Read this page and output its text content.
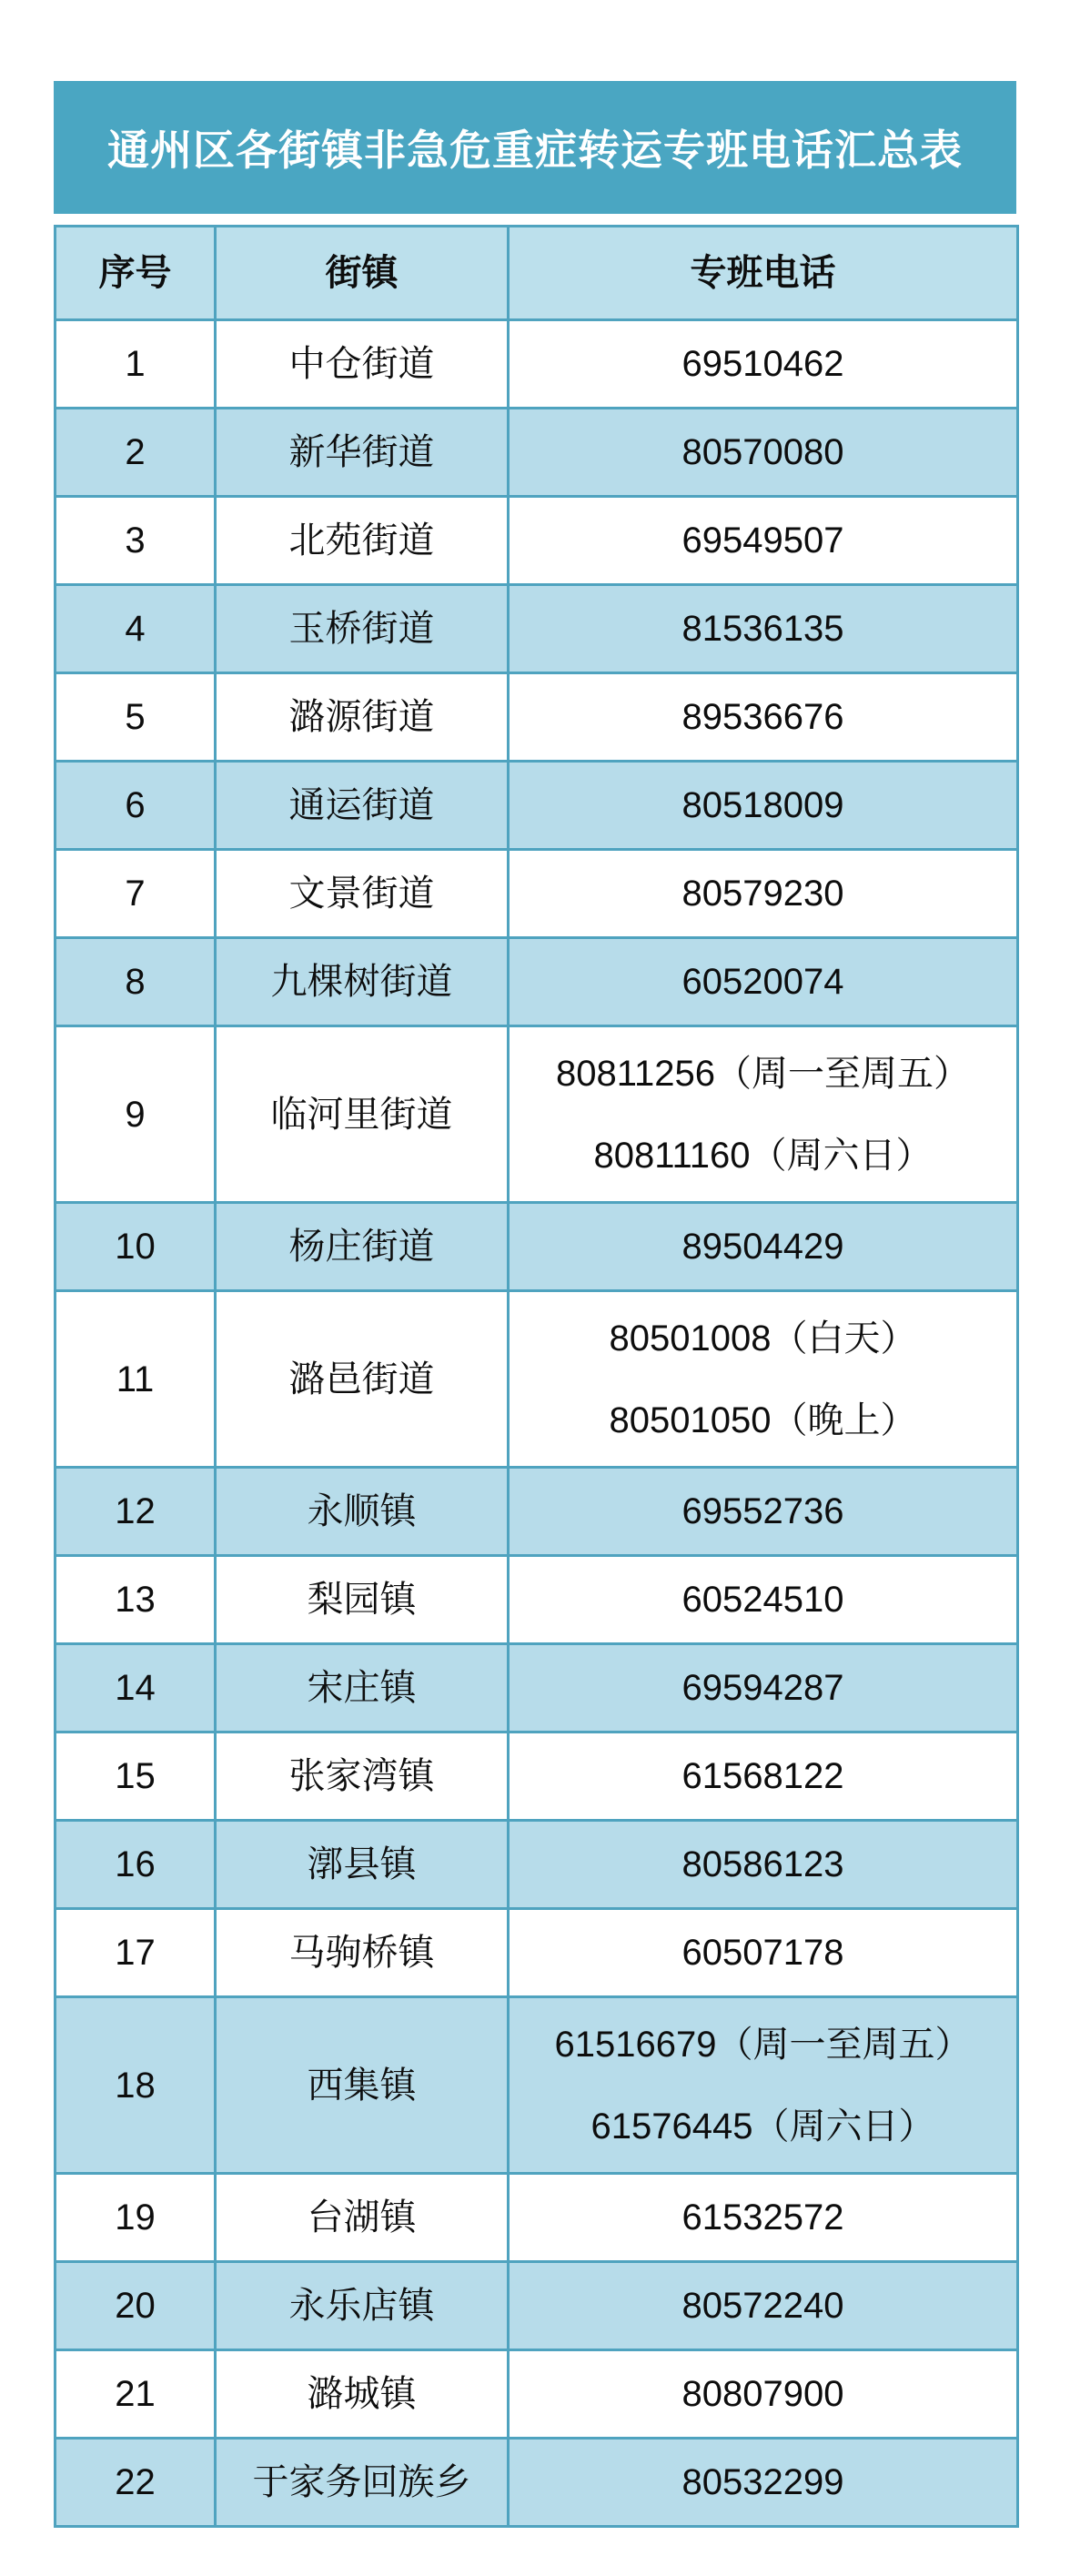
通州区各街镇非急危重症转运专班电话汇总表
序号	街镇	专班电话
1	中仓街道	69510462

2	新华街道	80570080

3	北苑街道	69549507

4	玉桥街道	81536135

5	潞源街道	89536676

6	通运街道	80518009

7	文景街道	80579230

8	九棵树街道	60520074

9	临河里街道	80811256（周一至周五）
80811160（周六日）

10	杨庄街道	89504429

11	潞邑街道	80501008（白天）
80501050（晚上）

12	永顺镇	69552736

13	梨园镇	60524510

14	宋庄镇	69594287

15	张家湾镇	61568122

16	漷县镇	80586123

17	马驹桥镇	60507178

18	西集镇	61516679（周一至周五）
61576445（周六日）

19	台湖镇	61532572

20	永乐店镇	80572240

21	潞城镇	80807900

22	于家务回族乡	80532299
